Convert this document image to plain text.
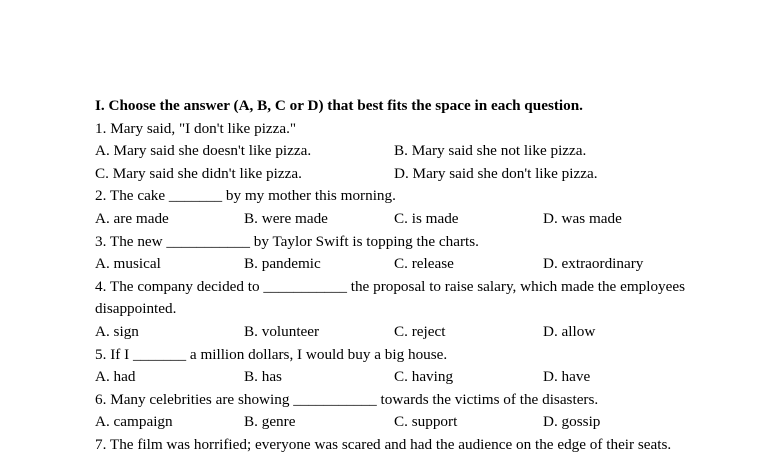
I. Choose the answer (A, B, C or D) that best fits the space in each question.
1. Mary said, "I don't like pizza."
A. Mary said she doesn't like pizza.	B. Mary said she not like pizza.
C. Mary said she didn't like pizza.	D. Mary said she don't like pizza.
2. The cake _______ by my mother this morning.
A. are made	B. were made	C. is made	D. was made
3. The new ___________ by Taylor Swift is topping the charts.
A. musical	B. pandemic	C. release	D. extraordinary
4. The company decided to ___________ the proposal to raise salary, which made the employees disappointed.
A. sign	B. volunteer	C. reject	D. allow
5. If I _______ a million dollars, I would buy a big house.
A. had	B. has	C. having	D. have
6. Many celebrities are showing ___________ towards the victims of the disasters.
A. campaign	B. genre	C. support	D. gossip
7. The film was horrified; everyone was scared and had the audience on the edge of their seats.
